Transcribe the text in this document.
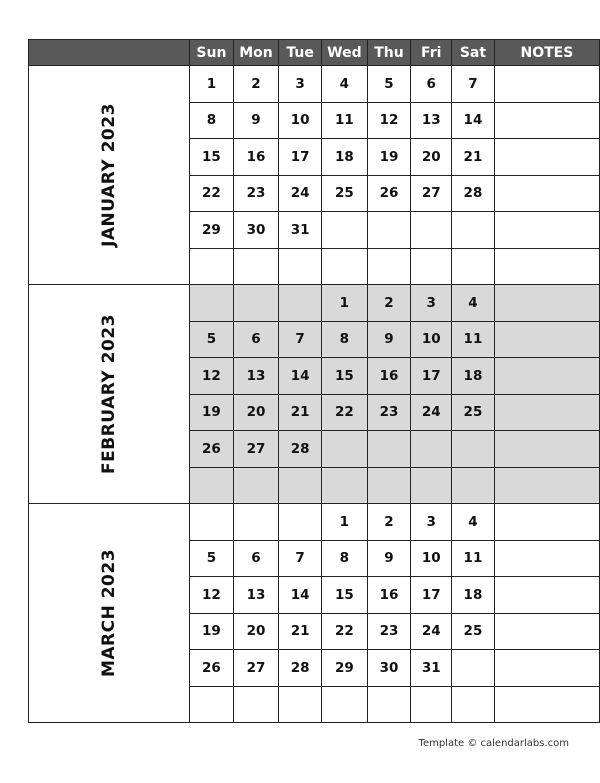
	Sun	Mon	Tue	Wed	Thu	Fri	Sat	NOTES
JANUARY 2023	1	2	3	4	5	6	7	
	8	9	10	11	12	13	14	
	15	16	17	18	19	20	21	
	22	23	24	25	26	27	28	
	29	30	31					

FEBRUARY 2023				1	2	3	4	
	5	6	7	8	9	10	11	
	12	13	14	15	16	17	18	
	19	20	21	22	23	24	25	
	26	27	28					

MARCH 2023				1	2	3	4	
	5	6	7	8	9	10	11	
	12	13	14	15	16	17	18	
	19	20	21	22	23	24	25	
	26	27	28	29	30	31		

Template © calendarlabs.com
